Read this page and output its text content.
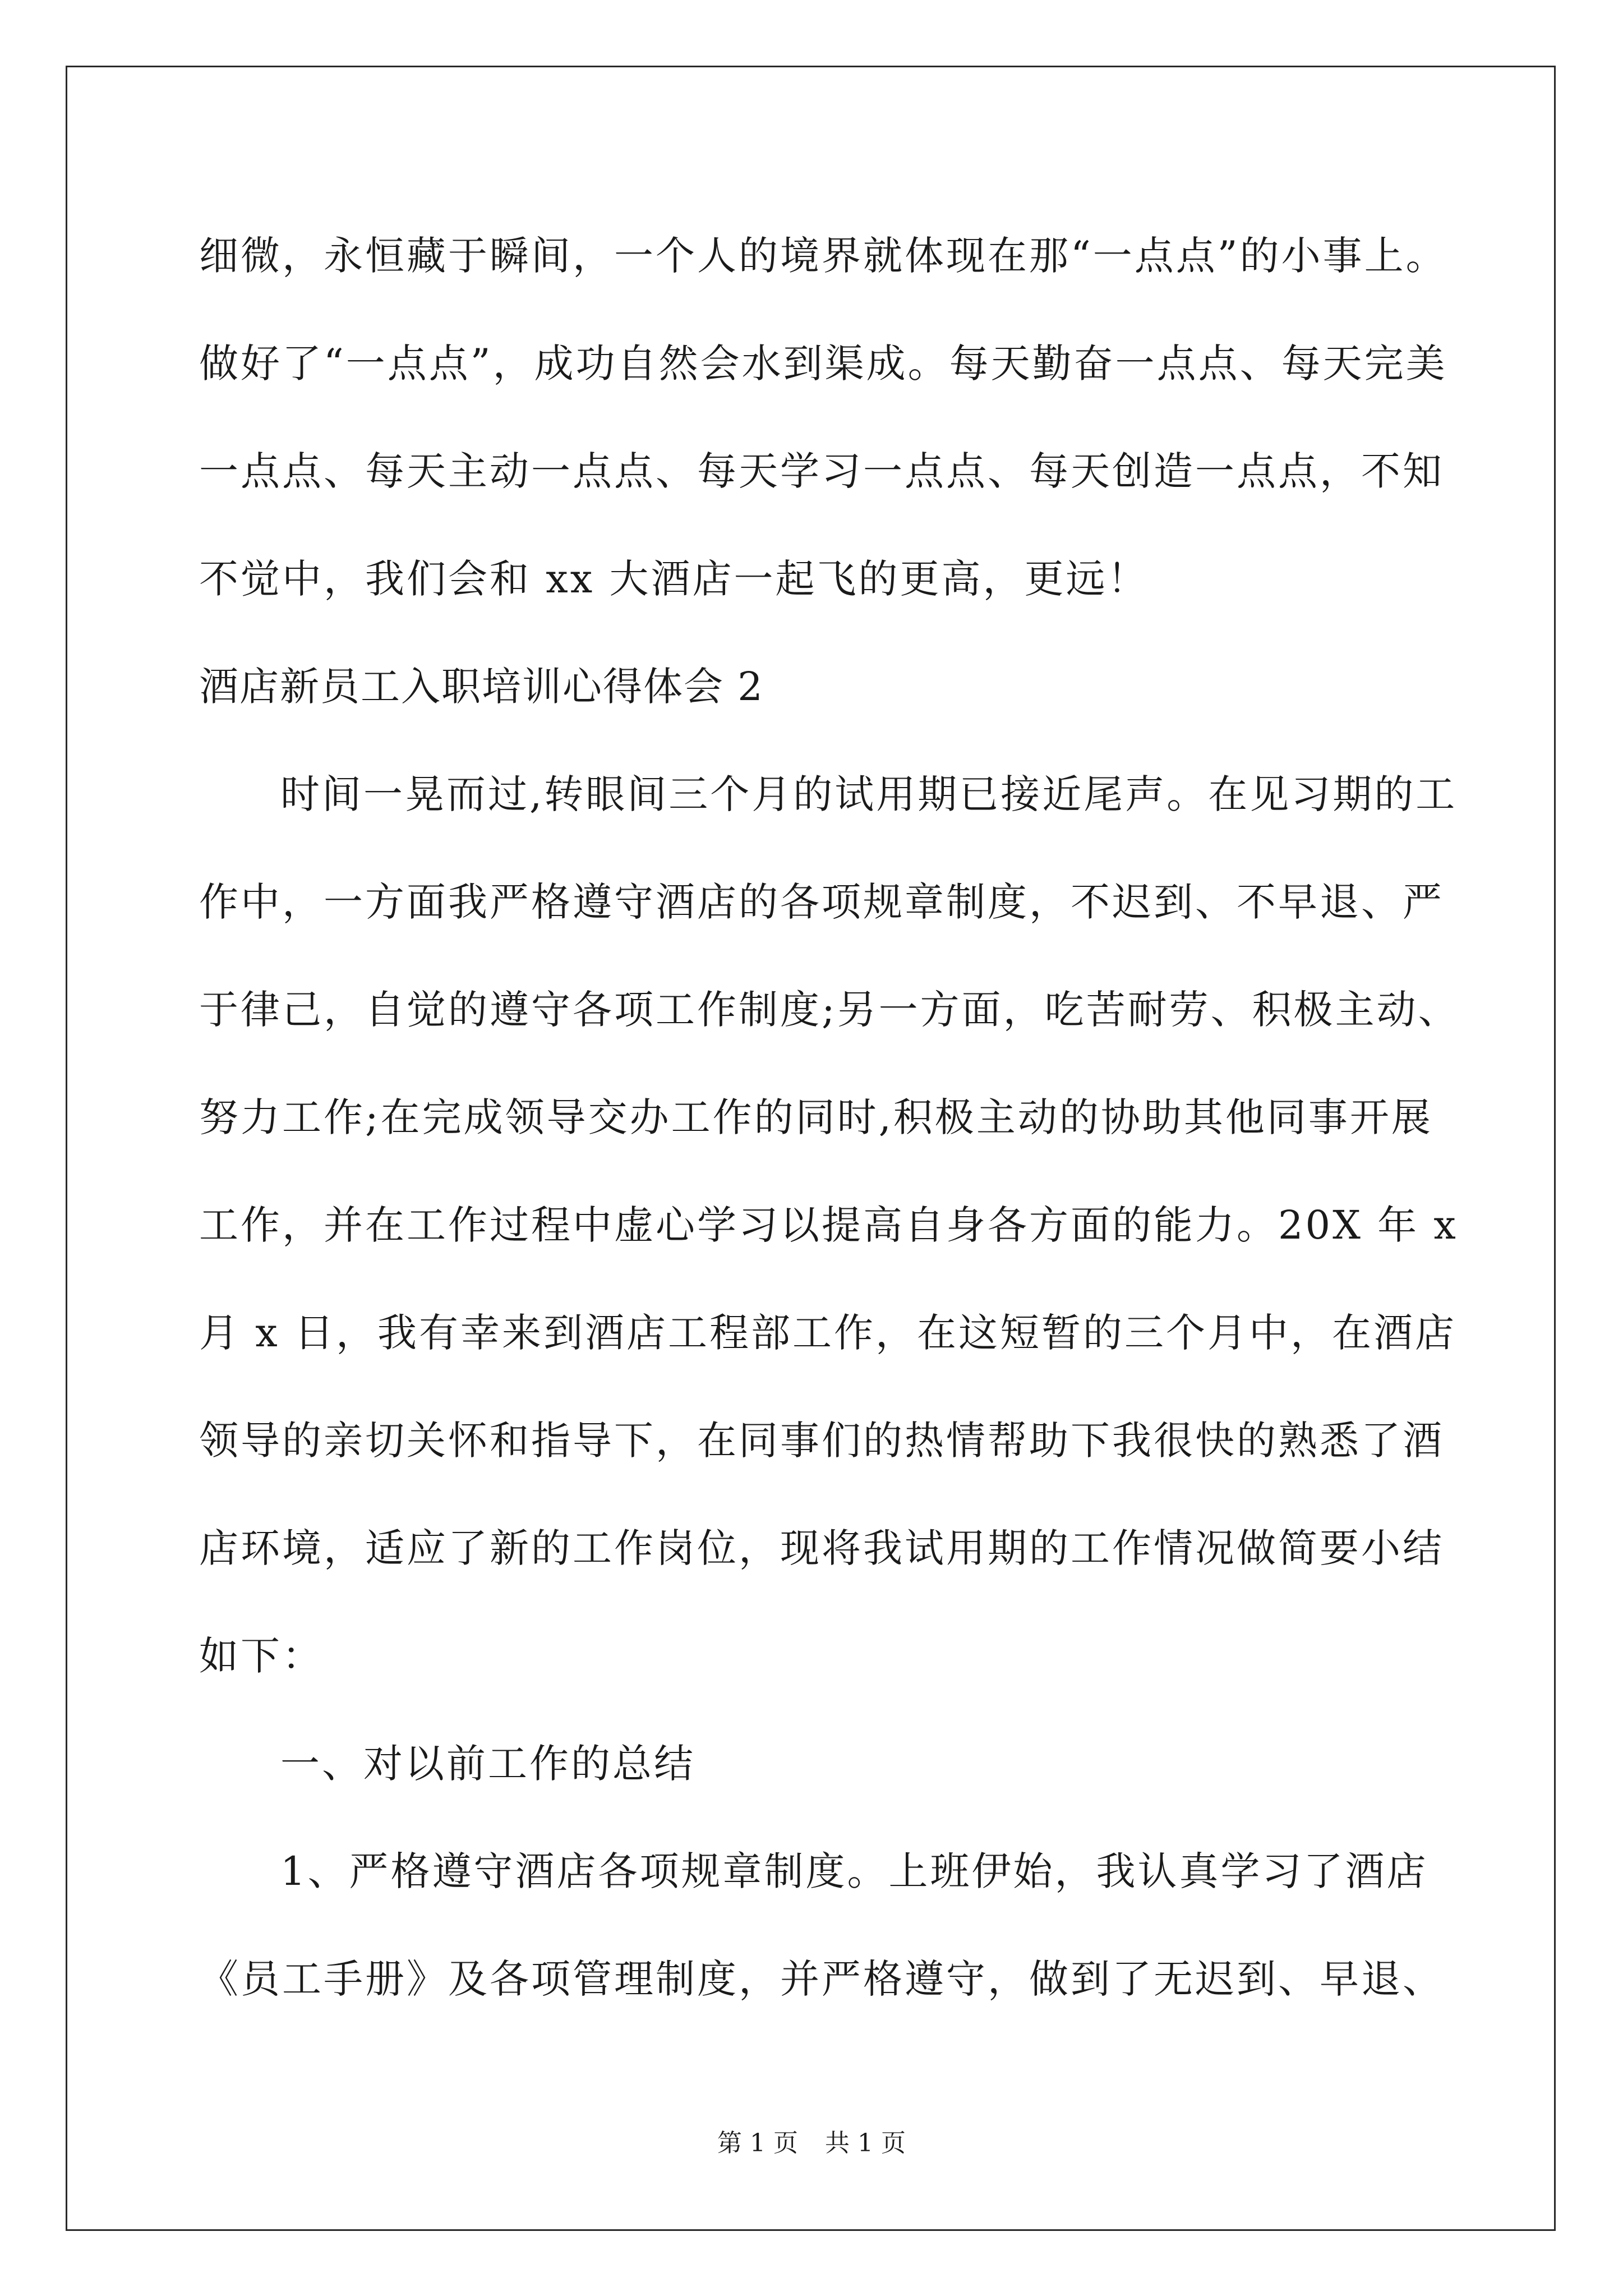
细微，永恒藏于瞬间，一个人的境界就体现在那“一点点”的小事上。
做好了“一点点”，成功自然会水到渠成。每天勤奋一点点、每天完美
一点点、每天主动一点点、每天学习一点点、每天创造一点点，不知
不觉中，我们会和 xx 大酒店一起飞的更高，更远！
酒店新员工入职培训心得体会 2
时间一晃而过,转眼间三个月的试用期已接近尾声。在见习期的工
作中，一方面我严格遵守酒店的各项规章制度，不迟到、不早退、严
于律己，自觉的遵守各项工作制度;另一方面，吃苦耐劳、积极主动、
努力工作;在完成领导交办工作的同时,积极主动的协助其他同事开展
工作，并在工作过程中虚心学习以提高自身各方面的能力。20X 年 x
月 x 日，我有幸来到酒店工程部工作，在这短暂的三个月中，在酒店
领导的亲切关怀和指导下，在同事们的热情帮助下我很快的熟悉了酒
店环境，适应了新的工作岗位，现将我试用期的工作情况做简要小结
如下：
一、对以前工作的总结
1、严格遵守酒店各项规章制度。上班伊始，我认真学习了酒店
《员工手册》及各项管理制度，并严格遵守，做到了无迟到、早退、
第 1 页 共 1 页
